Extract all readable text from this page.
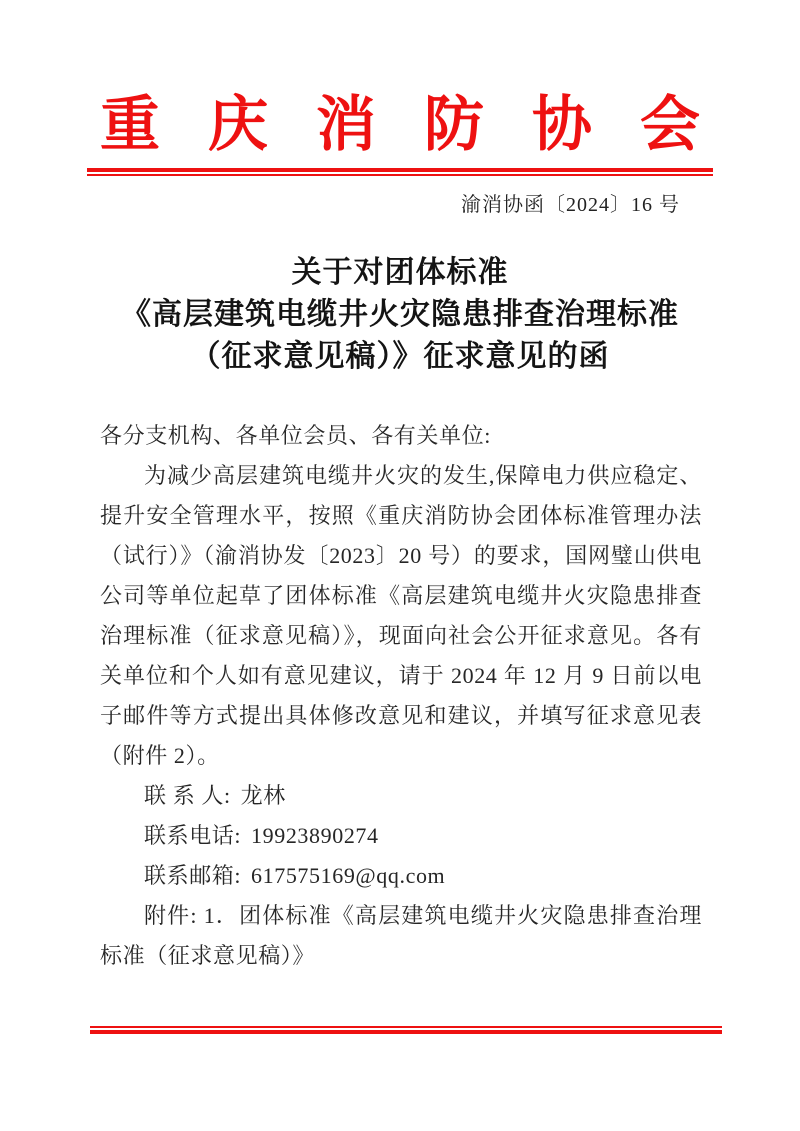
重 庆 消 防 协 会
渝消协函〔2024〕16 号
关于对团体标准
《高层建筑电缆井火灾隐患排查治理标准
（征求意见稿）》征求意见的函

各分支机构、各单位会员、各有关单位:

为减少高层建筑电缆井火灾的发生,保障电力供应稳定、提升安全管理水平，按照《重庆消防协会团体标准管理办法（试行）》（渝消协发〔2023〕20 号）的要求，国网璧山供电公司等单位起草了团体标准《高层建筑电缆井火灾隐患排查治理标准（征求意见稿）》，现面向社会公开征求意见。各有关单位和个人如有意见建议，请于 2024 年 12 月 9 日前以电子邮件等方式提出具体修改意见和建议，并填写征求意见表（附件 2）。

联 系 人: 龙林

联系电话: 19923890274

联系邮箱: 617575169@qq.com

附件: 1．团体标准《高层建筑电缆井火灾隐患排查治理标准（征求意见稿）》
